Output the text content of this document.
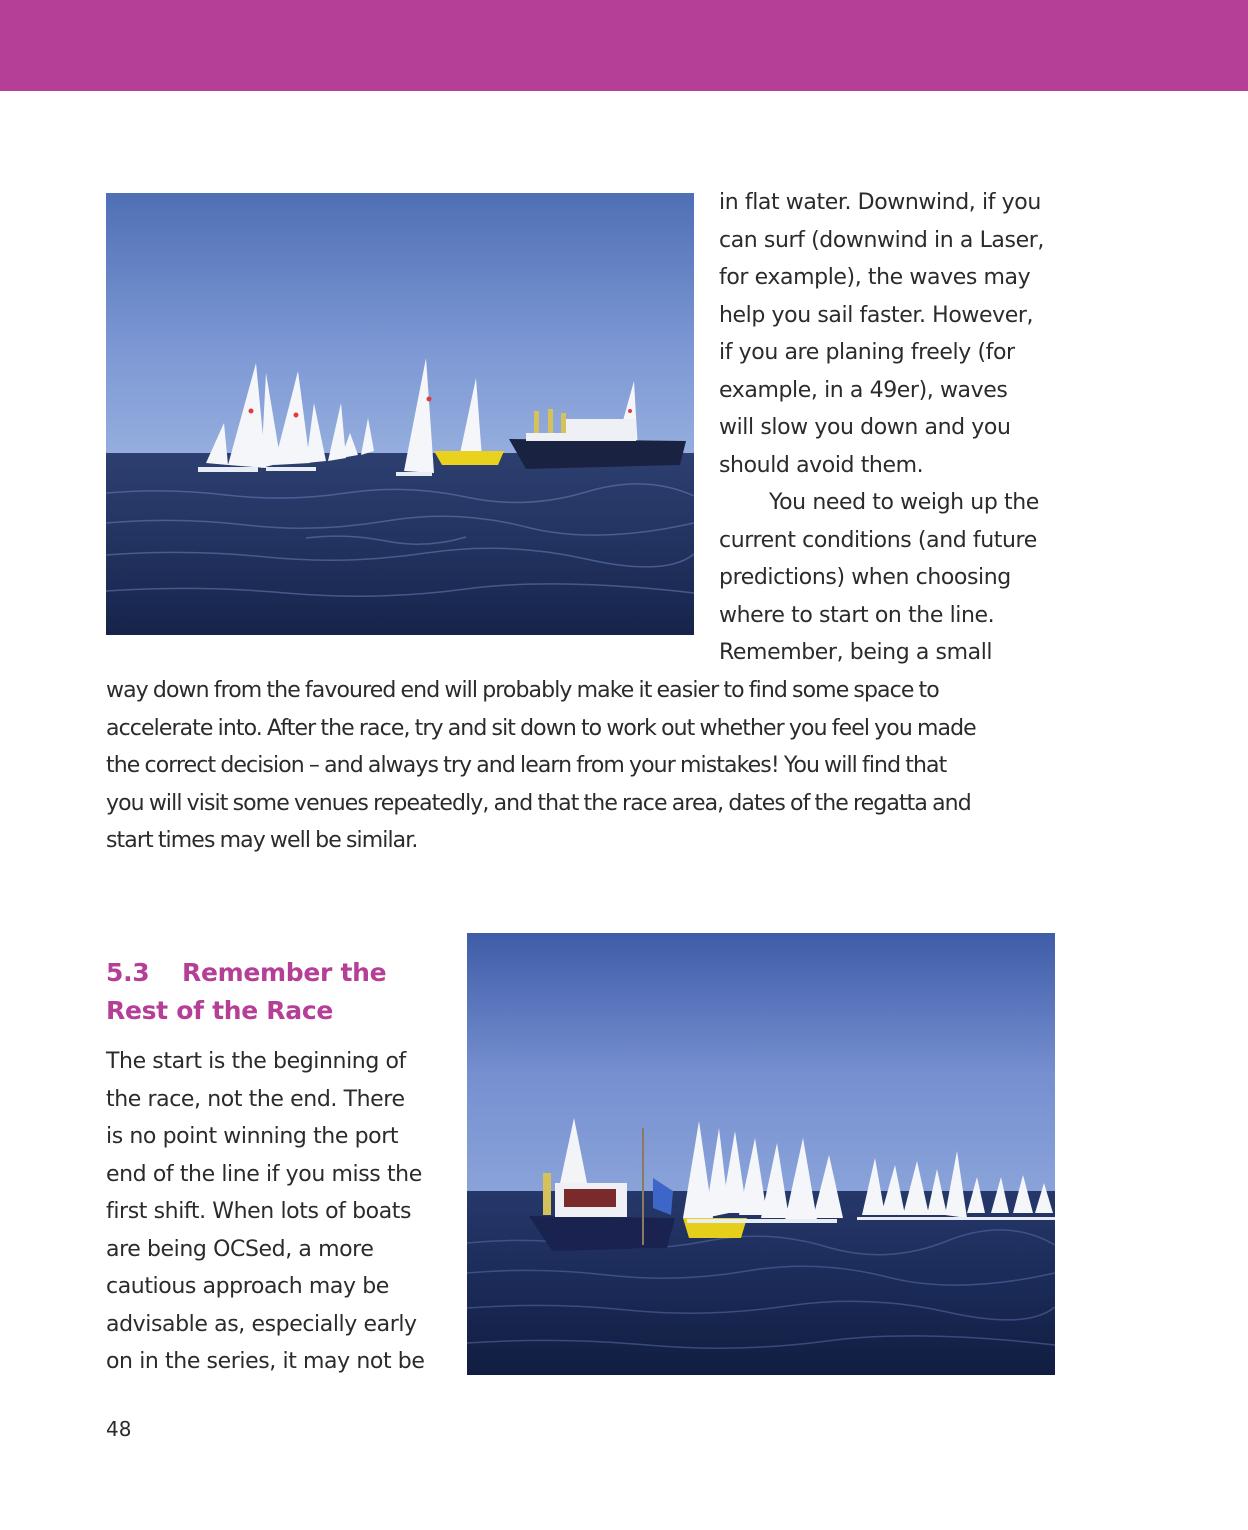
in flat water. Downwind, if you
can surf (downwind in a Laser,
for example), the waves may
help you sail faster. However,
if you are planing freely (for
example, in a 49er), waves
will slow you down and you
should avoid them.
You need to weigh up the
current conditions (and future
predictions) when choosing
where to start on the line.
Remember, being a small
way down from the favoured end will probably make it easier to find some space to
accelerate into. After the race, try and sit down to work out whether you feel you made
the correct decision – and always try and learn from your mistakes! You will find that
you will visit some venues repeatedly, and that the race area, dates of the regatta and
start times may well be similar.
5.3 Remember the
Rest of the Race
The start is the beginning of
the race, not the end. There
is no point winning the port
end of the line if you miss the
first shift. When lots of boats
are being OCSed, a more
cautious approach may be
advisable as, especially early
on in the series, it may not be
48
